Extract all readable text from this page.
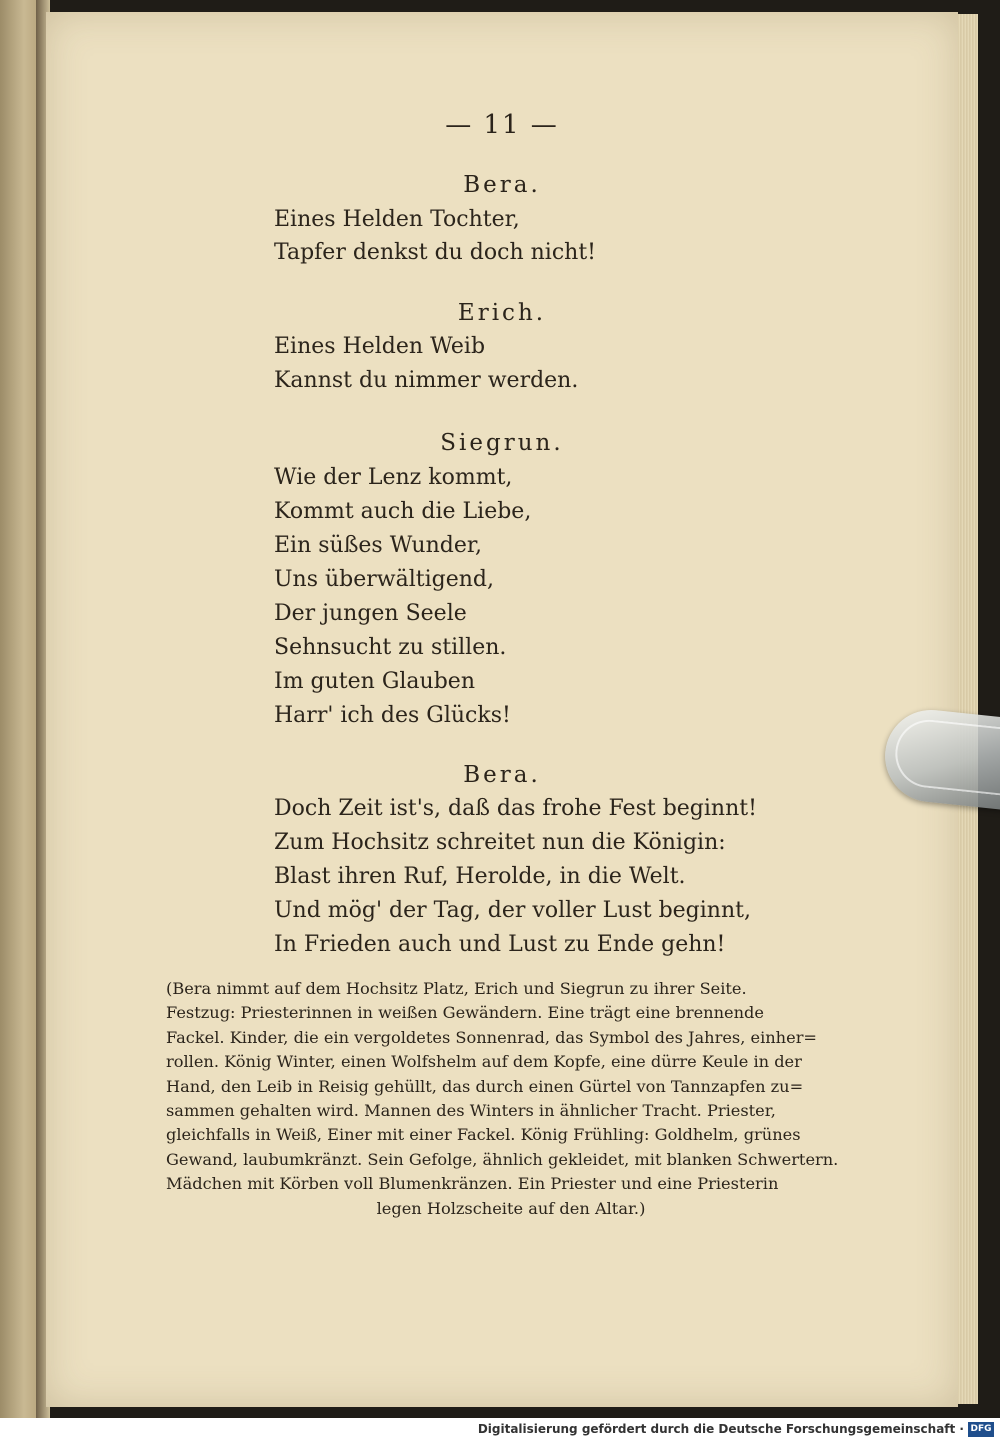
— 11 —
Bera.
Eines Helden Tochter,
Tapfer denkst du doch nicht!
Erich.
Eines Helden Weib
Kannst du nimmer werden.
Siegrun.
Wie der Lenz kommt,
Kommt auch die Liebe,
Ein süßes Wunder,
Uns überwältigend,
Der jungen Seele
Sehnsucht zu stillen.
Im guten Glauben
Harr' ich des Glücks!
Bera.
Doch Zeit ist's, daß das frohe Fest beginnt!
Zum Hochsitz schreitet nun die Königin:
Blast ihren Ruf, Herolde, in die Welt.
Und mög' der Tag, der voller Lust beginnt,
In Frieden auch und Lust zu Ende gehn!
(Bera nimmt auf dem Hochsitz Platz, Erich und Siegrun zu ihrer Seite.
Festzug: Priesterinnen in weißen Gewändern. Eine trägt eine brennende
Fackel. Kinder, die ein vergoldetes Sonnenrad, das Symbol des Jahres, einher=
rollen. König Winter, einen Wolfshelm auf dem Kopfe, eine dürre Keule in der
Hand, den Leib in Reisig gehüllt, das durch einen Gürtel von Tannzapfen zu=
sammen gehalten wird. Mannen des Winters in ähnlicher Tracht. Priester,
gleichfalls in Weiß, Einer mit einer Fackel. König Frühling: Goldhelm, grünes
Gewand, laubumkränzt. Sein Gefolge, ähnlich gekleidet, mit blanken Schwertern.
Mädchen mit Körben voll Blumenkränzen. Ein Priester und eine Priesterin
legen Holzscheite auf den Altar.)
Digitalisierung gefördert durch die Deutsche Forschungsgemeinschaft · DFG
